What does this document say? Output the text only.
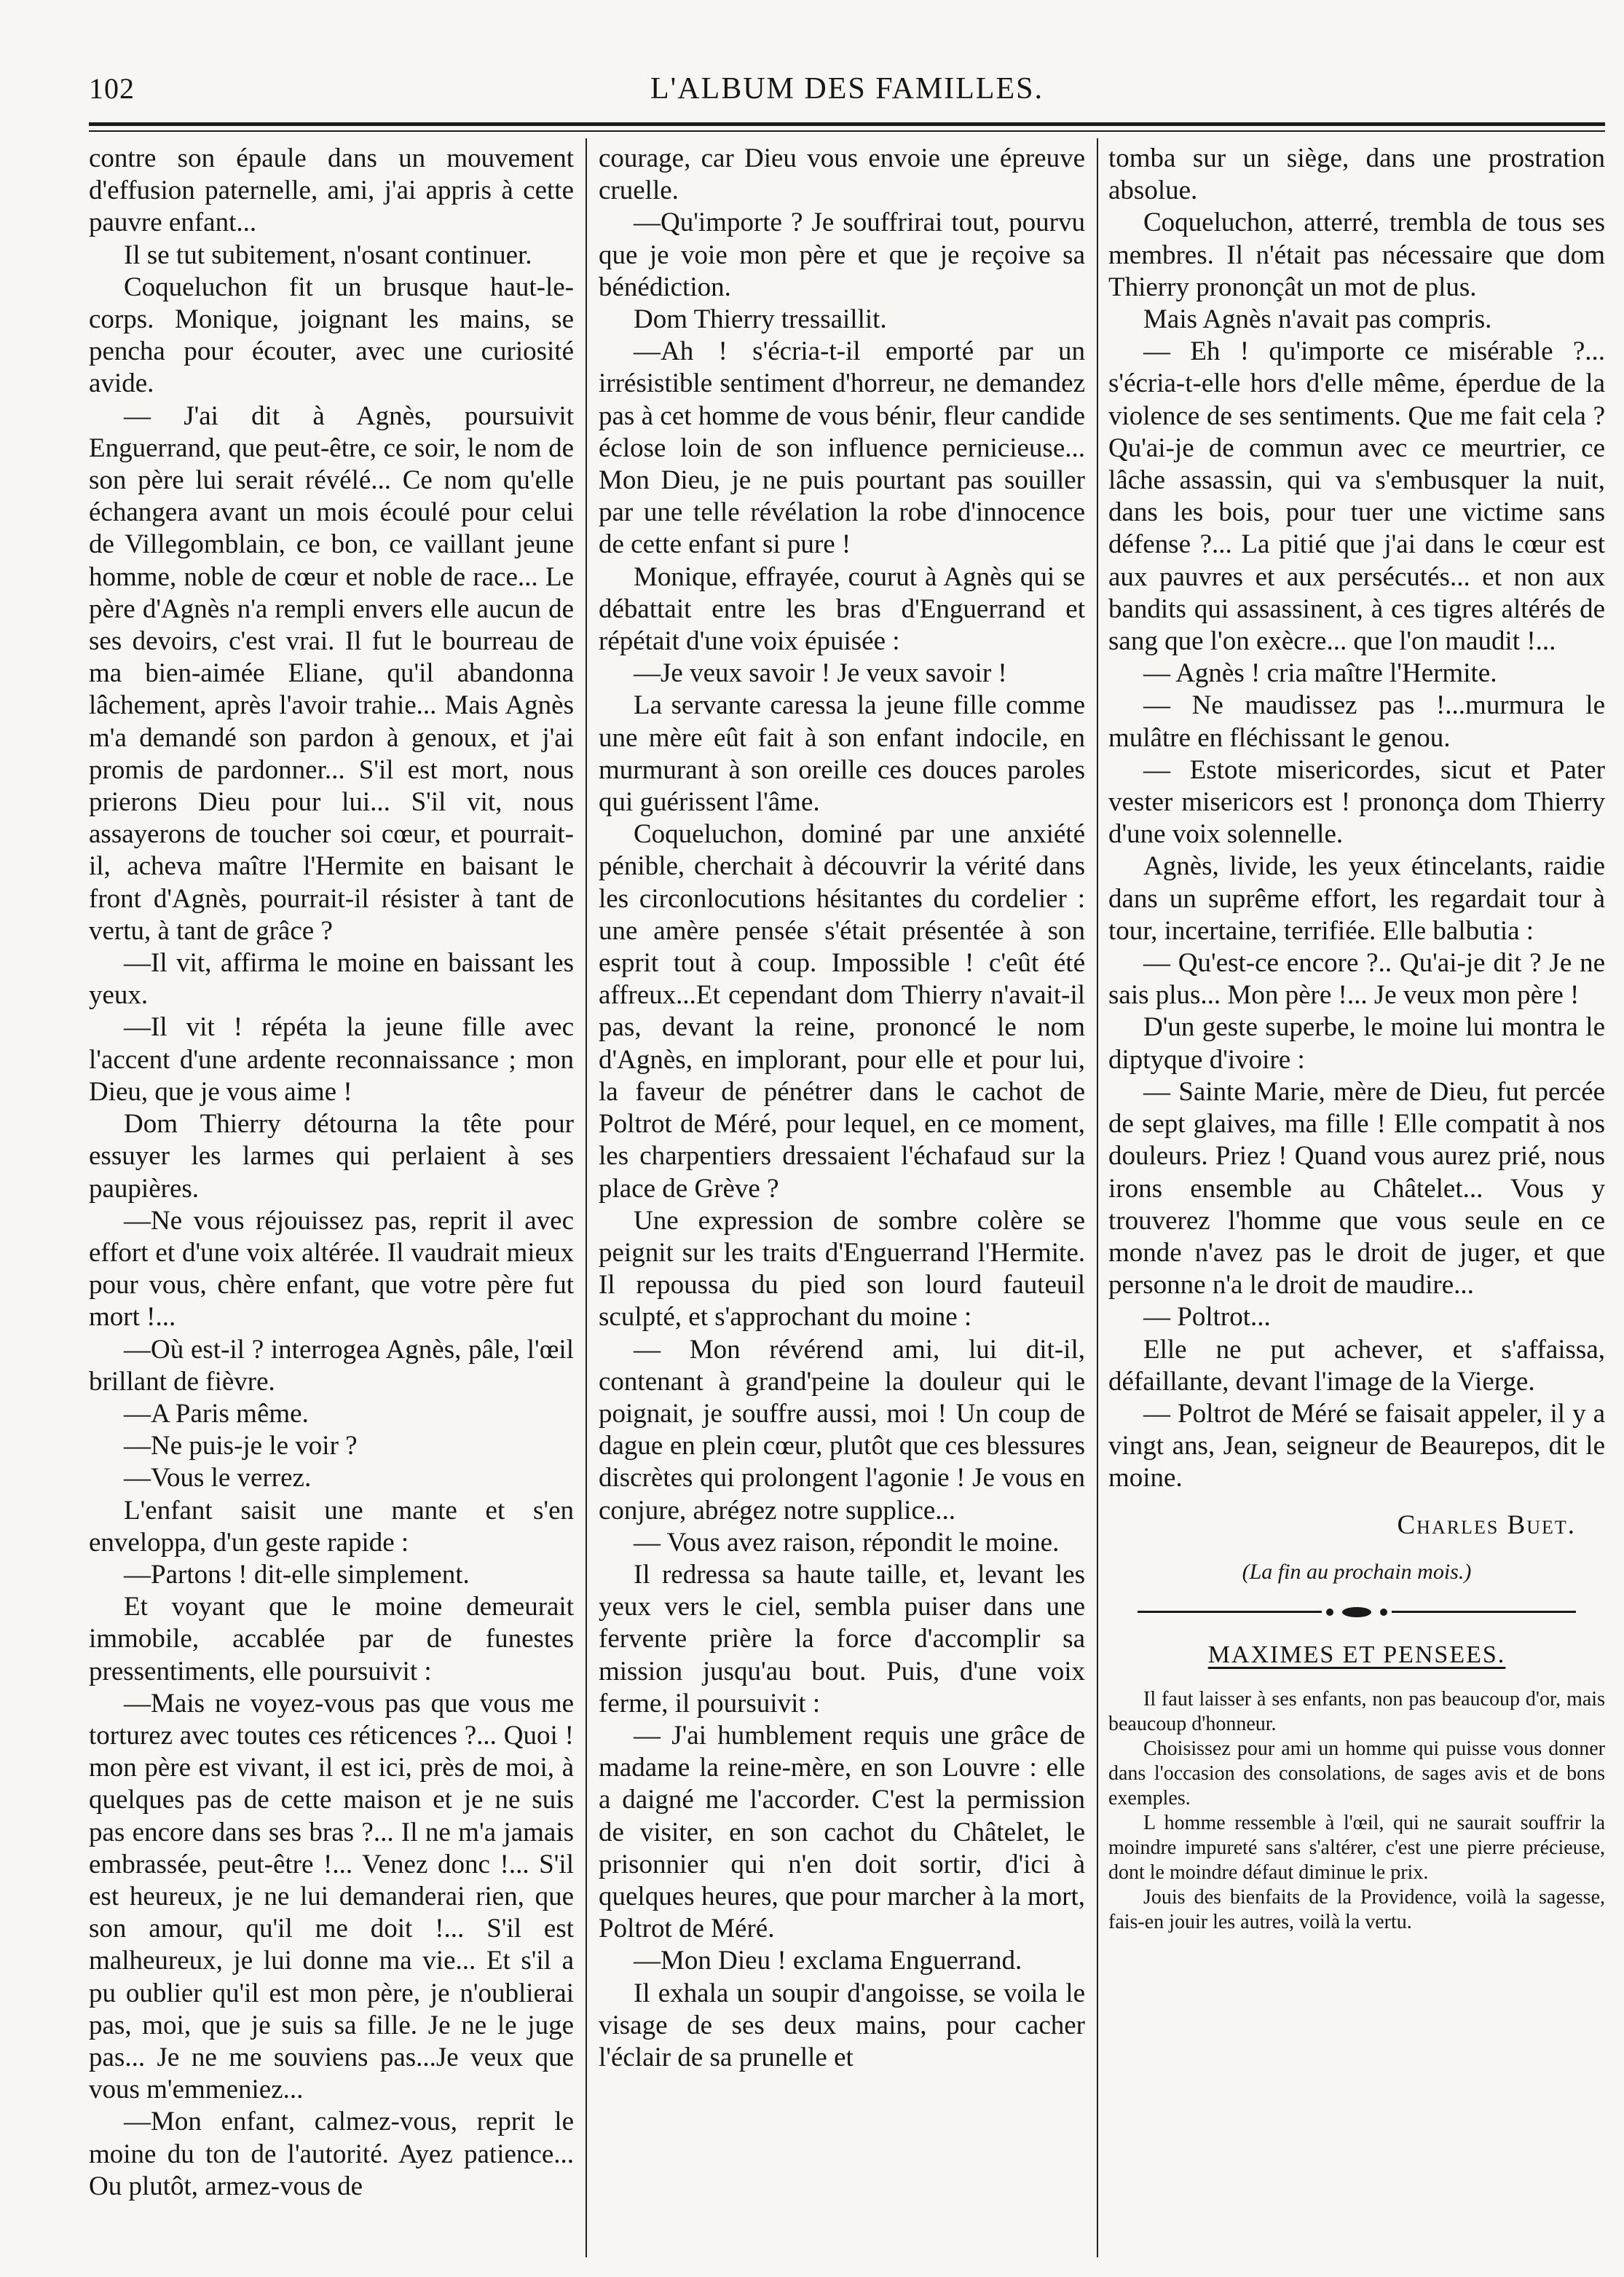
102	L'ALBUM DES FAMILLES.

contre son épaule dans un mouvement d'effusion paternelle, ami, j'ai appris à cette pauvre enfant...

Il se tut subitement, n'osant continuer.

Coqueluchon fit un brusque haut-le-corps. Monique, joignant les mains, se pencha pour écouter, avec une curiosité avide.

— J'ai dit à Agnès, poursuivit Enguerrand, que peut-être, ce soir, le nom de son père lui serait révélé... Ce nom qu'elle échangera avant un mois écoulé pour celui de Villegomblain, ce bon, ce vaillant jeune homme, noble de cœur et noble de race... Le père d'Agnès n'a rempli envers elle aucun de ses devoirs, c'est vrai. Il fut le bourreau de ma bien-aimée Eliane, qu'il abandonna lâchement, après l'avoir trahie... Mais Agnès m'a demandé son pardon à genoux, et j'ai promis de pardonner... S'il est mort, nous prierons Dieu pour lui... S'il vit, nous assayerons de toucher soi cœur, et pourrait-il, acheva maître l'Hermite en baisant le front d'Agnès, pourrait-il résister à tant de vertu, à tant de grâce ?

—Il vit, affirma le moine en baissant les yeux.

—Il vit ! répéta la jeune fille avec l'accent d'une ardente reconnaissance ; mon Dieu, que je vous aime !

Dom Thierry détourna la tête pour essuyer les larmes qui perlaient à ses paupières.

—Ne vous réjouissez pas, reprit il avec effort et d'une voix altérée. Il vaudrait mieux pour vous, chère enfant, que votre père fut mort !...

—Où est-il ? interrogea Agnès, pâle, l'œil brillant de fièvre.

—A Paris même.

—Ne puis-je le voir ?

—Vous le verrez.

L'enfant saisit une mante et s'en enveloppa, d'un geste rapide :

—Partons ! dit-elle simplement.

Et voyant que le moine demeurait immobile, accablée par de funestes pressentiments, elle poursuivit :

—Mais ne voyez-vous pas que vous me torturez avec toutes ces réticences ?... Quoi ! mon père est vivant, il est ici, près de moi, à quelques pas de cette maison et je ne suis pas encore dans ses bras ?... Il ne m'a jamais embrassée, peut-être !... Venez donc !... S'il est heureux, je ne lui demanderai rien, que son amour, qu'il me doit !... S'il est malheureux, je lui donne ma vie... Et s'il a pu oublier qu'il est mon père, je n'oublierai pas, moi, que je suis sa fille. Je ne le juge pas... Je ne me souviens pas...Je veux que vous m'emmeniez...

—Mon enfant, calmez-vous, reprit le moine du ton de l'autorité. Ayez patience... Ou plutôt, armez-vous de

courage, car Dieu vous envoie une épreuve cruelle.

—Qu'importe ? Je souffrirai tout, pourvu que je voie mon père et que je reçoive sa bénédiction.

Dom Thierry tressaillit.

—Ah ! s'écria-t-il emporté par un irrésistible sentiment d'horreur, ne demandez pas à cet homme de vous bénir, fleur candide éclose loin de son influence pernicieuse... Mon Dieu, je ne puis pourtant pas souiller par une telle révélation la robe d'innocence de cette enfant si pure !

Monique, effrayée, courut à Agnès qui se débattait entre les bras d'Enguerrand et répétait d'une voix épuisée :

—Je veux savoir ! Je veux savoir !

La servante caressa la jeune fille comme une mère eût fait à son enfant indocile, en murmurant à son oreille ces douces paroles qui guérissent l'âme.

Coqueluchon, dominé par une anxiété pénible, cherchait à découvrir la vérité dans les circonlocutions hésitantes du cordelier : une amère pensée s'était présentée à son esprit tout à coup. Impossible ! c'eût été affreux...Et cependant dom Thierry n'avait-il pas, devant la reine, prononcé le nom d'Agnès, en implorant, pour elle et pour lui, la faveur de pénétrer dans le cachot de Poltrot de Méré, pour lequel, en ce moment, les charpentiers dressaient l'échafaud sur la place de Grève ?

Une expression de sombre colère se peignit sur les traits d'Enguerrand l'Hermite. Il repoussa du pied son lourd fauteuil sculpté, et s'approchant du moine :

— Mon révérend ami, lui dit-il, contenant à grand'peine la douleur qui le poignait, je souffre aussi, moi ! Un coup de dague en plein cœur, plutôt que ces blessures discrètes qui prolongent l'agonie ! Je vous en conjure, abrégez notre supplice...

— Vous avez raison, répondit le moine.

Il redressa sa haute taille, et, levant les yeux vers le ciel, sembla puiser dans une fervente prière la force d'accomplir sa mission jusqu'au bout. Puis, d'une voix ferme, il poursuivit :

— J'ai humblement requis une grâce de madame la reine-mère, en son Louvre : elle a daigné me l'accorder. C'est la permission de visiter, en son cachot du Châtelet, le prisonnier qui n'en doit sortir, d'ici à quelques heures, que pour marcher à la mort, Poltrot de Méré.

—Mon Dieu ! exclama Enguerrand.

Il exhala un soupir d'angoisse, se voila le visage de ses deux mains, pour cacher l'éclair de sa prunelle et

tomba sur un siège, dans une prostration absolue.

Coqueluchon, atterré, trembla de tous ses membres. Il n'était pas nécessaire que dom Thierry prononçât un mot de plus.

Mais Agnès n'avait pas compris.

— Eh ! qu'importe ce misérable ?... s'écria-t-elle hors d'elle même, éperdue de la violence de ses sentiments. Que me fait cela ? Qu'ai-je de commun avec ce meurtrier, ce lâche assassin, qui va s'embusquer la nuit, dans les bois, pour tuer une victime sans défense ?... La pitié que j'ai dans le cœur est aux pauvres et aux persécutés... et non aux bandits qui assassinent, à ces tigres altérés de sang que l'on exècre... que l'on maudit !...

— Agnès ! cria maître l'Hermite.

— Ne maudissez pas !...murmura le mulâtre en fléchissant le genou.

— Estote misericordes, sicut et Pater vester misericors est ! prononça dom Thierry d'une voix solennelle.

Agnès, livide, les yeux étincelants, raidie dans un suprême effort, les regardait tour à tour, incertaine, terrifiée. Elle balbutia :

— Qu'est-ce encore ?.. Qu'ai-je dit ? Je ne sais plus... Mon père !... Je veux mon père !

D'un geste superbe, le moine lui montra le diptyque d'ivoire :

— Sainte Marie, mère de Dieu, fut percée de sept glaives, ma fille ! Elle compatit à nos douleurs. Priez ! Quand vous aurez prié, nous irons ensemble au Châtelet... Vous y trouverez l'homme que vous seule en ce monde n'avez pas le droit de juger, et que personne n'a le droit de maudire...

— Poltrot...

Elle ne put achever, et s'affaissa, défaillante, devant l'image de la Vierge.

— Poltrot de Méré se faisait appeler, il y a vingt ans, Jean, seigneur de Beaurepos, dit le moine.

Charles Buet.
(La fin au prochain mois.)
MAXIMES ET PENSEES.

Il faut laisser à ses enfants, non pas beaucoup d'or, mais beaucoup d'honneur.

Choisissez pour ami un homme qui puisse vous donner dans l'occasion des consolations, de sages avis et de bons exemples.

L homme ressemble à l'œil, qui ne saurait souffrir la moindre impureté sans s'altérer, c'est une pierre précieuse, dont le moindre défaut diminue le prix.

Jouis des bienfaits de la Providence, voilà la sagesse, fais-en jouir les autres, voilà la vertu.
